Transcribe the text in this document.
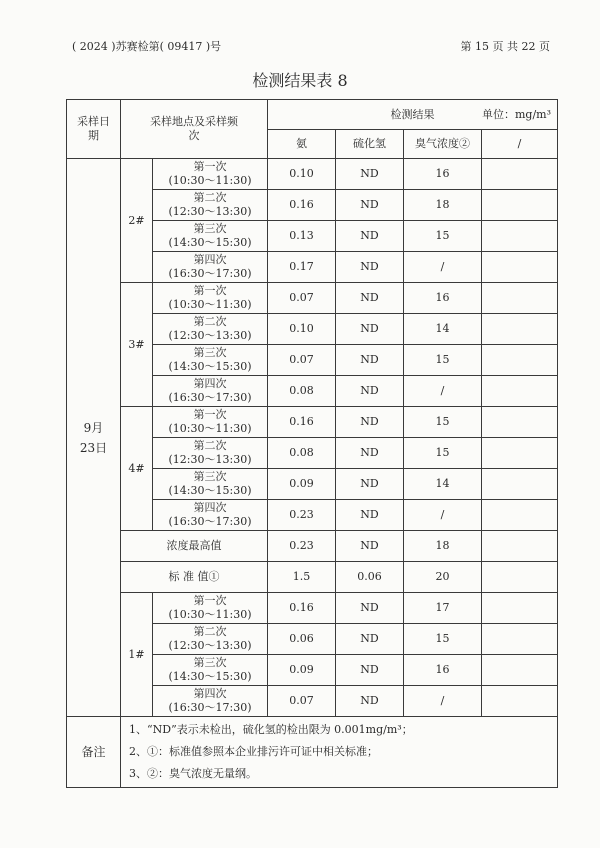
( 2024 )苏赛检第( 09417 )号	第 15 页 共 22 页
检测结果表 8
采样日期	采样地点及采样频次		检测结果 单位：mg/m³			

			氨	硫化氢	臭气浓度②	/
9月23日	2#	第一次
(10:30～11:30)	0.10	ND	16	

		第二次
(12:30～13:30)	0.16	ND	18	

		第三次
(14:30～15:30)	0.13	ND	15	

		第四次
(16:30～17:30)	0.17	ND	/	
	3#	第一次
(10:30～11:30)	0.07	ND	16	

		第二次
(12:30～13:30)	0.10	ND	14	

		第三次
(14:30～15:30)	0.07	ND	15	

		第四次
(16:30～17:30)	0.08	ND	/	
	4#	第一次
(10:30～11:30)	0.16	ND	15	

		第二次
(12:30～13:30)	0.08	ND	15	

		第三次
(14:30～15:30)	0.09	ND	14	

		第四次
(16:30～17:30)	0.23	ND	/	
	浓度最高值		0.23	ND	18	
	标 准 值①		1.5	0.06	20	
	1#	第一次
(10:30～11:30)	0.16	ND	17	

		第二次
(12:30～13:30)	0.06	ND	15	

		第三次
(14:30～15:30)	0.09	ND	16	

		第四次
(16:30～17:30)	0.07	ND	/	
备注	1、“ND”表示未检出，硫化氢的检出限为 0.001mg/m³；
2、①：标准值参照本企业排污许可证中相关标准；
3、②：臭气浓度无量纲。					
